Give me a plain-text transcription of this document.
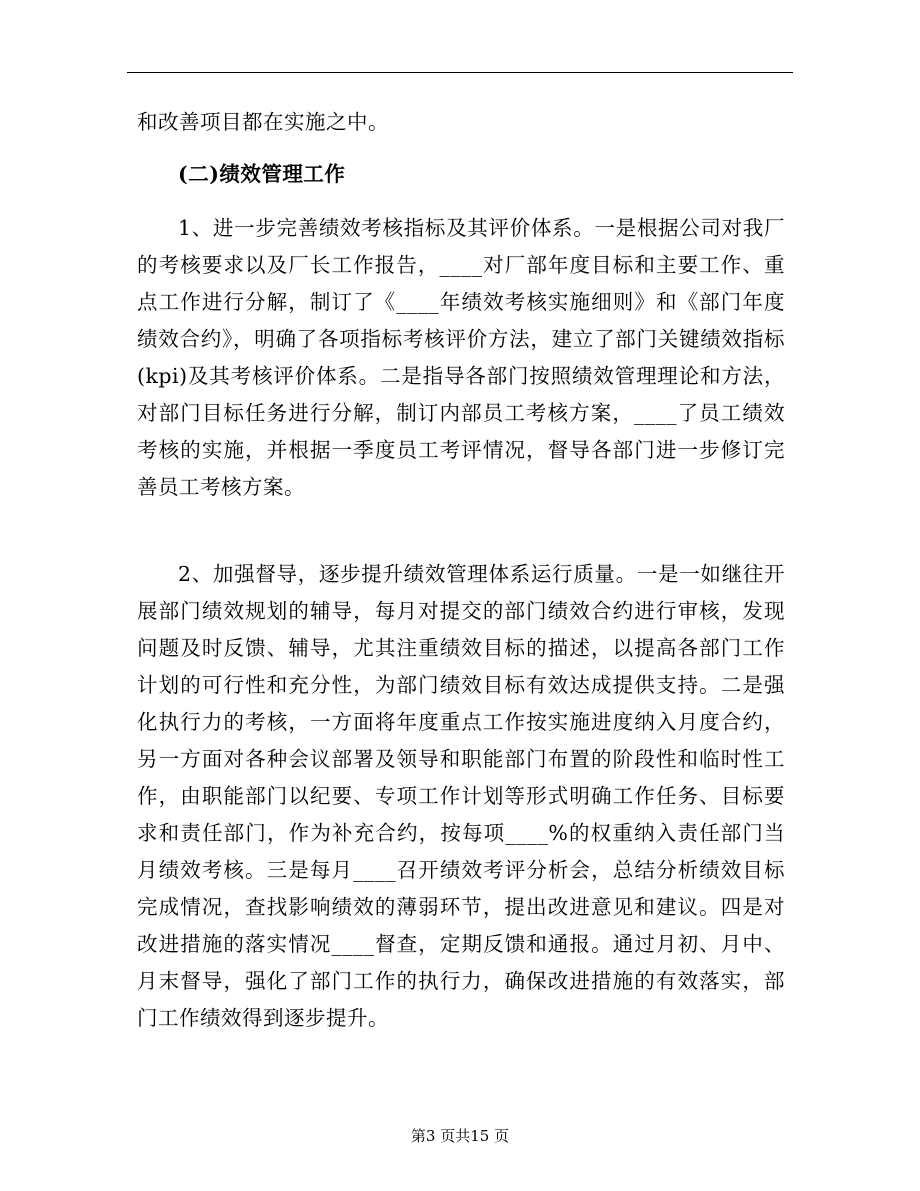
和改善项目都在实施之中。

(二)绩效管理工作

1、进一步完善绩效考核指标及其评价体系。一是根据公司对我厂的考核要求以及厂长工作报告，____对厂部年度目标和主要工作、重点工作进行分解，制订了《____年绩效考核实施细则》和《部门年度绩效合约》，明确了各项指标考核评价方法，建立了部门关键绩效指标(kpi)及其考核评价体系。二是指导各部门按照绩效管理理论和方法，对部门目标任务进行分解，制订内部员工考核方案，____了员工绩效考核的实施，并根据一季度员工考评情况，督导各部门进一步修订完善员工考核方案。

2、加强督导，逐步提升绩效管理体系运行质量。一是一如继往开展部门绩效规划的辅导，每月对提交的部门绩效合约进行审核，发现问题及时反馈、辅导，尤其注重绩效目标的描述，以提高各部门工作计划的可行性和充分性，为部门绩效目标有效达成提供支持。二是强化执行力的考核，一方面将年度重点工作按实施进度纳入月度合约，另一方面对各种会议部署及领导和职能部门布置的阶段性和临时性工作，由职能部门以纪要、专项工作计划等形式明确工作任务、目标要求和责任部门，作为补充合约，按每项____%的权重纳入责任部门当月绩效考核。三是每月____召开绩效考评分析会，总结分析绩效目标完成情况，查找影响绩效的薄弱环节，提出改进意见和建议。四是对改进措施的落实情况____督查，定期反馈和通报。通过月初、月中、月末督导，强化了部门工作的执行力，确保改进措施的有效落实，部门工作绩效得到逐步提升。

第3 页共15 页
